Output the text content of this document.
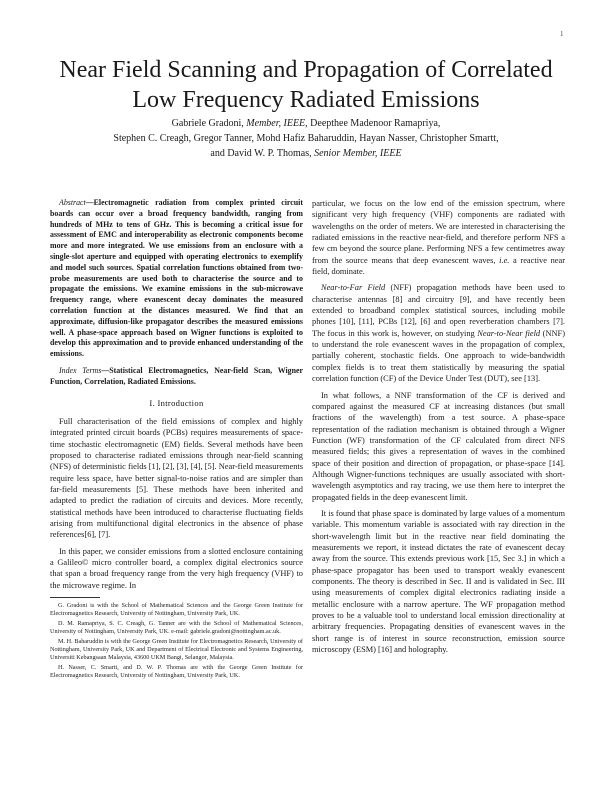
1
Near Field Scanning and Propagation of Correlated
Low Frequency Radiated Emissions
Gabriele Gradoni, Member, IEEE, Deepthee Madenoor Ramapriya,
Stephen C. Creagh, Gregor Tanner, Mohd Hafiz Baharuddin, Hayan Nasser, Christopher Smartt,
and David W. P. Thomas, Senior Member, IEEE
Abstract—Electromagnetic radiation from complex printed circuit boards can occur over a broad frequency bandwidth, ranging from hundreds of MHz to tens of GHz. This is becoming a critical issue for assessment of EMC and interoperability as electronic components become more and more integrated. We use emissions from an enclosure with a single-slot aperture and equipped with operating electronics to exemplify and model such sources. Spatial correlation functions obtained from two-probe measurements are used both to characterise the source and to propagate the emissions. We examine emissions in the sub-microwave frequency range, where evanescent decay dominates the measured correlation function at the distances measured. We find that an approximate, diffusion-like propagator describes the measured emissions well. A phase-space approach based on Wigner functions is exploited to develop this approximation and to provide enhanced understanding of the emissions.
Index Terms—Statistical Electromagnetics, Near-field Scan, Wigner Function, Correlation, Radiated Emissions.
I. Introduction

Full characterisation of the field emissions of complex and highly integrated printed circuit boards (PCBs) requires measurements of space-time stochastic electromagnetic (EM) fields. Several methods have been proposed to characterise radiated emissions through near-field scanning (NFS) of deterministic fields [1], [2], [3], [4], [5]. Near-field measurements require less space, have better signal-to-noise ratios and are simpler than far-field measurements [5]. These methods have been inherited and adapted to predict the radiation of circuits and devices. More recently, statistical methods have been introduced to characterise fluctuating fields arising from multifunctional digital electronics in the absence of phase references[6], [7].

In this paper, we consider emissions from a slotted enclosure containing a Galileo© micro controller board, a complex digital electronics source that span a broad frequency range from the very high frequency (VHF) to the microwave regime. In

G. Gradoni is with the School of Mathematical Sciences and the George Green Institute for Electromagnetics Research, University of Nottingham, University Park, UK.
D. M. Ramapriya, S. C. Creagh, G. Tanner are with the School of Mathematical Sciences, University of Nottingham, University Park, UK. e-mail: gabriele.gradoni@nottingham.ac.uk.
M. H. Baharuddin is with the George Green Institute for Electromagnetics Research, University of Nottingham, University Park, UK and Department of Electrical Electronic and Systems Engineering, Universiti Kebangsaan Malaysia, 43600 UKM Bangi, Selangor, Malaysia.
H. Nasser, C. Smartt, and D. W. P. Thomas are with the George Green Institute for Electromagnetics Research, University of Nottingham, University Park, UK.

particular, we focus on the low end of the emission spectrum, where significant very high frequency (VHF) components are radiated with wavelengths on the order of meters. We are interested in characterising the radiated emissions in the reactive near-field, and therefore perform NFS a few cm beyond the source plane. Performing NFS a few centimetres away from the source means that deep evanescent waves, i.e. a reactive near field, dominate.

Near-to-Far Field (NFF) propagation methods have been used to characterise antennas [8] and circuitry [9], and have recently been extended to broadband complex statistical sources, including mobile phones [10], [11], PCBs [12], [6] and open reverberation chambers [7]. The focus in this work is, however, on studying Near-to-Near field (NNF) to understand the role evanescent waves in the propagation of complex, partially coherent, stochastic fields. One approach to wide-bandwidth complex fields is to treat them statistically by measuring the spatial correlation function (CF) of the Device Under Test (DUT), see [13].

In what follows, a NNF transformation of the CF is derived and compared against the measured CF at increasing distances (but small fractions of the wavelength) from a test source. A phase-space representation of the radiation mechanism is obtained through a Wigner Function (WF) transformation of the CF calculated from direct NFS measured fields; this gives a representation of waves in the combined space of their position and direction of propagation, or phase-space [14]. Although Wigner-functions techniques are usually associated with short-wavelength asymptotics and ray tracing, we use them here to interpret the propagated fields in the deep evanescent limit.

It is found that phase space is dominated by large values of a momentum variable. This momentum variable is associated with ray direction in the short-wavelength limit but in the reactive near field dominating the measurements we report, it instead dictates the rate of evanescent decay away from the source. This extends previous work [15, Sec 3.] in which a phase-space propagator has been used to transport weakly evanescent components. The theory is described in Sec. II and is validated in Sec. III using measurements of complex digital electronics radiating inside a metallic enclosure with a narrow aperture. The WF propagation method proves to be a valuable tool to understand local emission directionality at arbitrary frequencies. Propagating densities of evanescent waves in the short range is of interest in source reconstruction, emission source microscopy (ESM) [16] and holography.
